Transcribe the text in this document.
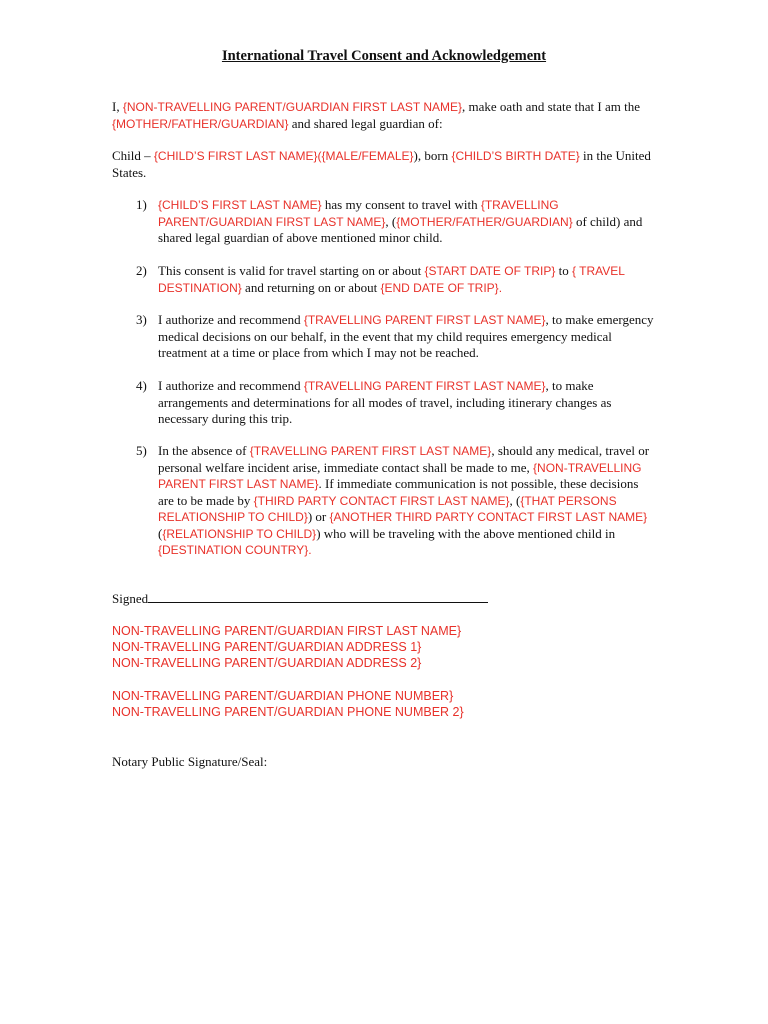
International Travel Consent and Acknowledgement
I, {NON-TRAVELLING PARENT/GUARDIAN FIRST LAST NAME}, make oath and state that I am the {MOTHER/FATHER/GUARDIAN} and shared legal guardian of:
Child – {CHILD’S FIRST LAST NAME}({MALE/FEMALE}), born {CHILD’S BIRTH DATE} in the United States.
1) {CHILD’S FIRST LAST NAME} has my consent to travel with {TRAVELLING PARENT/GUARDIAN FIRST LAST NAME}, ({MOTHER/FATHER/GUARDIAN} of child) and shared legal guardian of above mentioned minor child.
2) This consent is valid for travel starting on or about {START DATE OF TRIP} to { TRAVEL DESTINATION} and returning on or about {END DATE OF TRIP}.
3) I authorize and recommend {TRAVELLING PARENT FIRST LAST NAME}, to make emergency medical decisions on our behalf, in the event that my child requires emergency medical treatment at a time or place from which I may not be reached.
4) I authorize and recommend {TRAVELLING PARENT FIRST LAST NAME}, to make arrangements and determinations for all modes of travel, including itinerary changes as necessary during this trip.
5) In the absence of {TRAVELLING PARENT FIRST LAST NAME}, should any medical, travel or personal welfare incident arise, immediate contact shall be made to me, {NON-TRAVELLING PARENT FIRST LAST NAME}. If immediate communication is not possible, these decisions are to be made by {THIRD PARTY CONTACT FIRST LAST NAME}, ({THAT PERSONS RELATIONSHIP TO CHILD}) or {ANOTHER THIRD PARTY CONTACT FIRST LAST NAME} ({RELATIONSHIP TO CHILD}) who will be traveling with the above mentioned child in {DESTINATION COUNTRY}.
Signed
NON-TRAVELLING PARENT/GUARDIAN FIRST LAST NAME}
NON-TRAVELLING PARENT/GUARDIAN ADDRESS 1}
NON-TRAVELLING PARENT/GUARDIAN ADDRESS 2}
NON-TRAVELLING PARENT/GUARDIAN PHONE NUMBER}
NON-TRAVELLING PARENT/GUARDIAN PHONE NUMBER 2}
Notary Public Signature/Seal:
